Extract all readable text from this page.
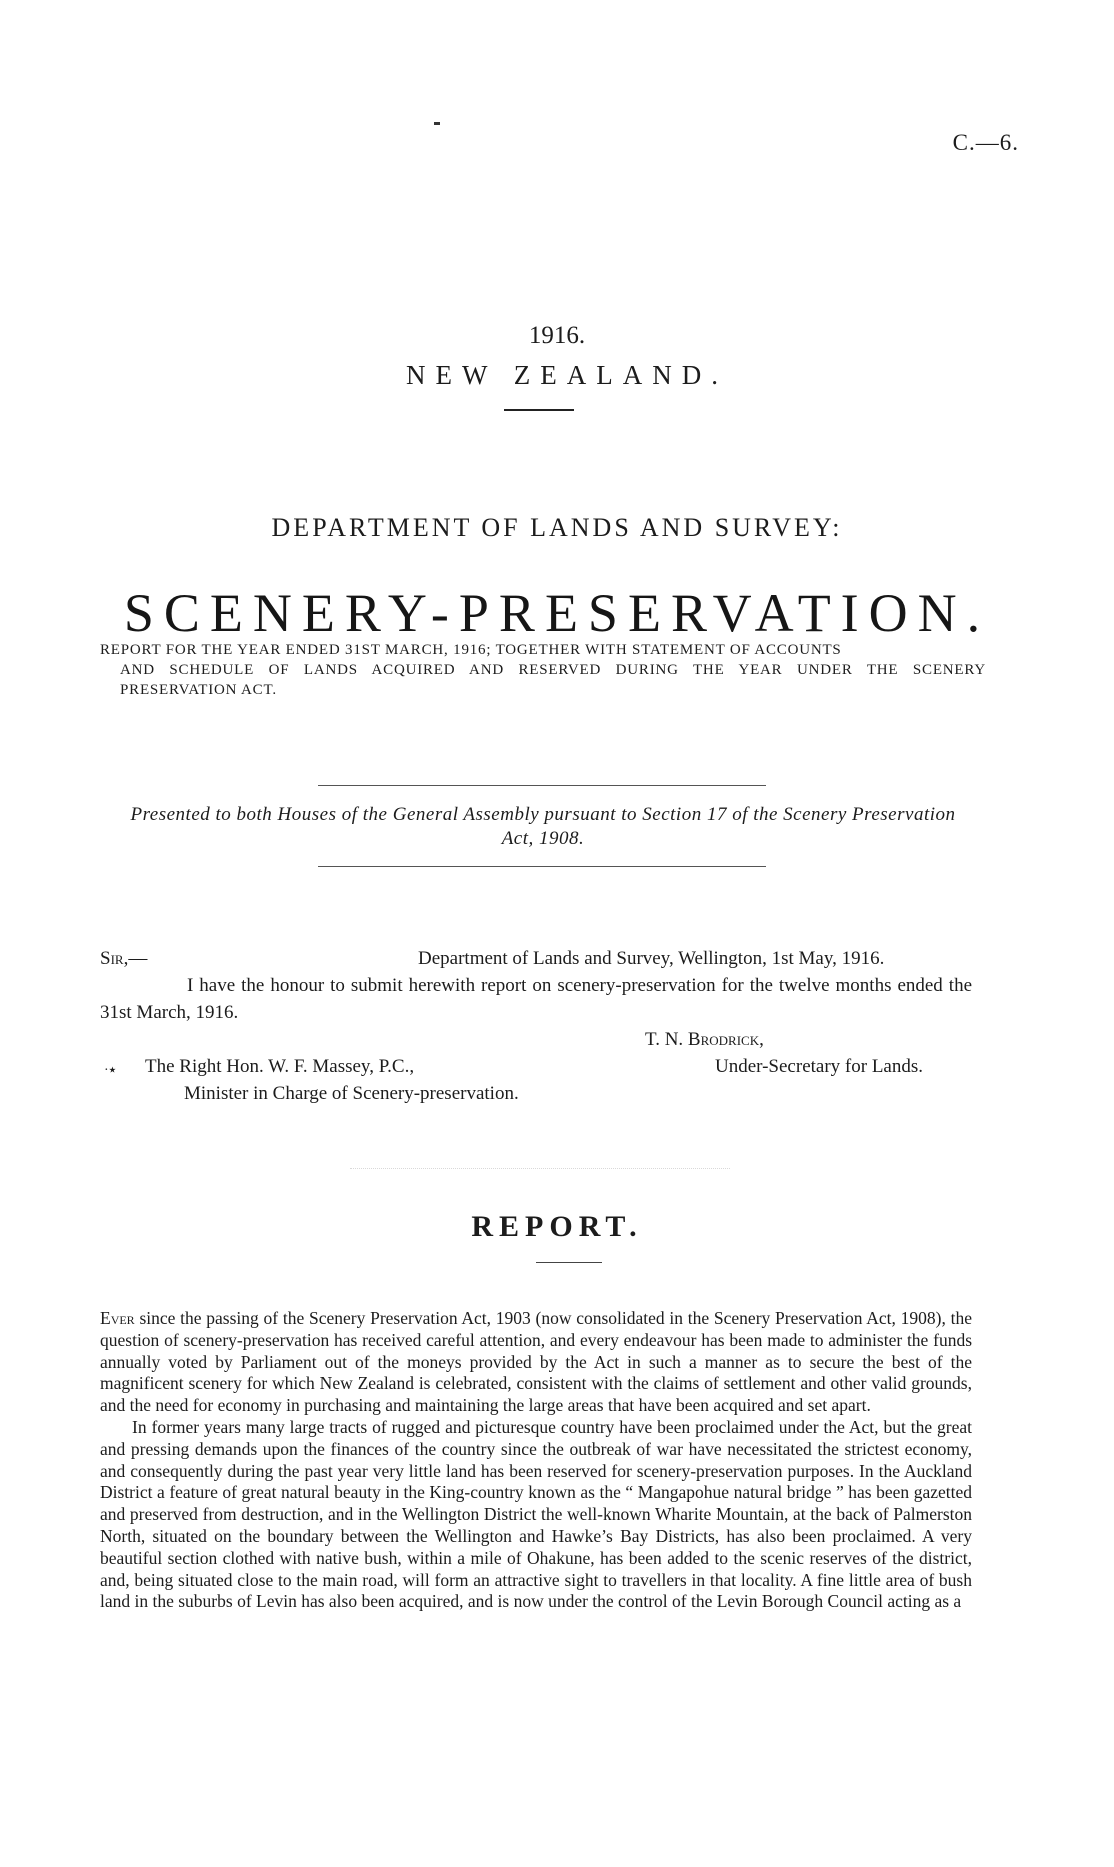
C.—6.
1916.
NEW ZEALAND.
DEPARTMENT OF LANDS AND SURVEY:
SCENERY-PRESERVATION.
REPORT FOR THE YEAR ENDED 31ST MARCH, 1916; TOGETHER WITH STATEMENT OF ACCOUNTS
AND SCHEDULE OF LANDS ACQUIRED AND RESERVED DURING THE YEAR UNDER THE SCENERY PRESERVATION ACT.
Presented to both Houses of the General Assembly pursuant to Section 17 of the Scenery Preservation
Act, 1908.
Sir,—	Department of Lands and Survey, Wellington, 1st May, 1916.
I have the honour to submit herewith report on scenery-preservation for the twelve months ended the 31st March, 1916.
T. N. Brodrick,
Under-Secretary for Lands.
·٭ The Right Hon. W. F. Massey, P.C.,
Minister in Charge of Scenery-preservation.
REPORT.

Ever since the passing of the Scenery Preservation Act, 1903 (now consolidated in the Scenery Preservation Act, 1908), the question of scenery-preservation has received careful attention, and every endeavour has been made to administer the funds annually voted by Parliament out of the moneys provided by the Act in such a manner as to secure the best of the magnificent scenery for which New Zealand is celebrated, consistent with the claims of settlement and other valid grounds, and the need for economy in purchasing and maintaining the large areas that have been acquired and set apart.

In former years many large tracts of rugged and picturesque country have been proclaimed under the Act, but the great and pressing demands upon the finances of the country since the outbreak of war have necessitated the strictest economy, and consequently during the past year very little land has been reserved for scenery-preservation purposes. In the Auckland District a feature of great natural beauty in the King-country known as the “ Mangapohue natural bridge ” has been gazetted and preserved from destruction, and in the Wellington District the well-known Wharite Mountain, at the back of Palmerston North, situated on the boundary between the Wellington and Hawke’s Bay Districts, has also been proclaimed. A very beautiful section clothed with native bush, within a mile of Ohakune, has been added to the scenic reserves of the district, and, being situated close to the main road, will form an attractive sight to travellers in that locality. A fine little area of bush land in the suburbs of Levin has also been acquired, and is now under the control of the Levin Borough Council acting as a
